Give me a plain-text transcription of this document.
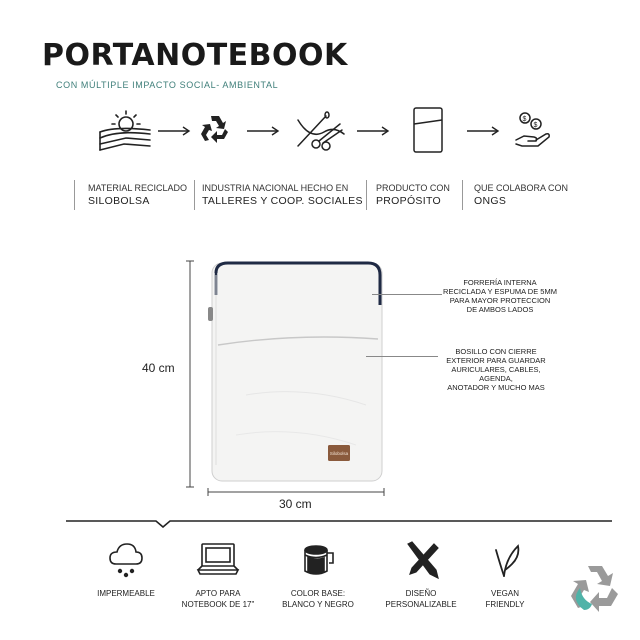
PORTANOTEBOOK
CON MÚLTIPLE IMPACTO SOCIAL- AMBIENTAL
$
$
MATERIAL RECICLADO
SILOBOLSA
INDUSTRIA NACIONAL HECHO EN
TALLERES Y COOP. SOCIALES
PRODUCTO CON
PROPÓSITO
QUE COLABORA CON
ONGS
Silobolsa
40 cm
30 cm
FORRERÍA INTERNA
RECICLADA Y ESPUMA DE 5MM
PARA MAYOR PROTECCION
DE AMBOS LADOS
BOSILLO CON CIERRE
EXTERIOR PARA GUARDAR
AURICULARES, CABLES, AGENDA,
ANOTADOR Y MUCHO MAS
IMPERMEABLE	APTO PARA
NOTEBOOK DE 17"
COLOR BASE:
BLANCO Y NEGRO
DISEÑO
PERSONALIZABLE
VEGAN
FRIENDLY
